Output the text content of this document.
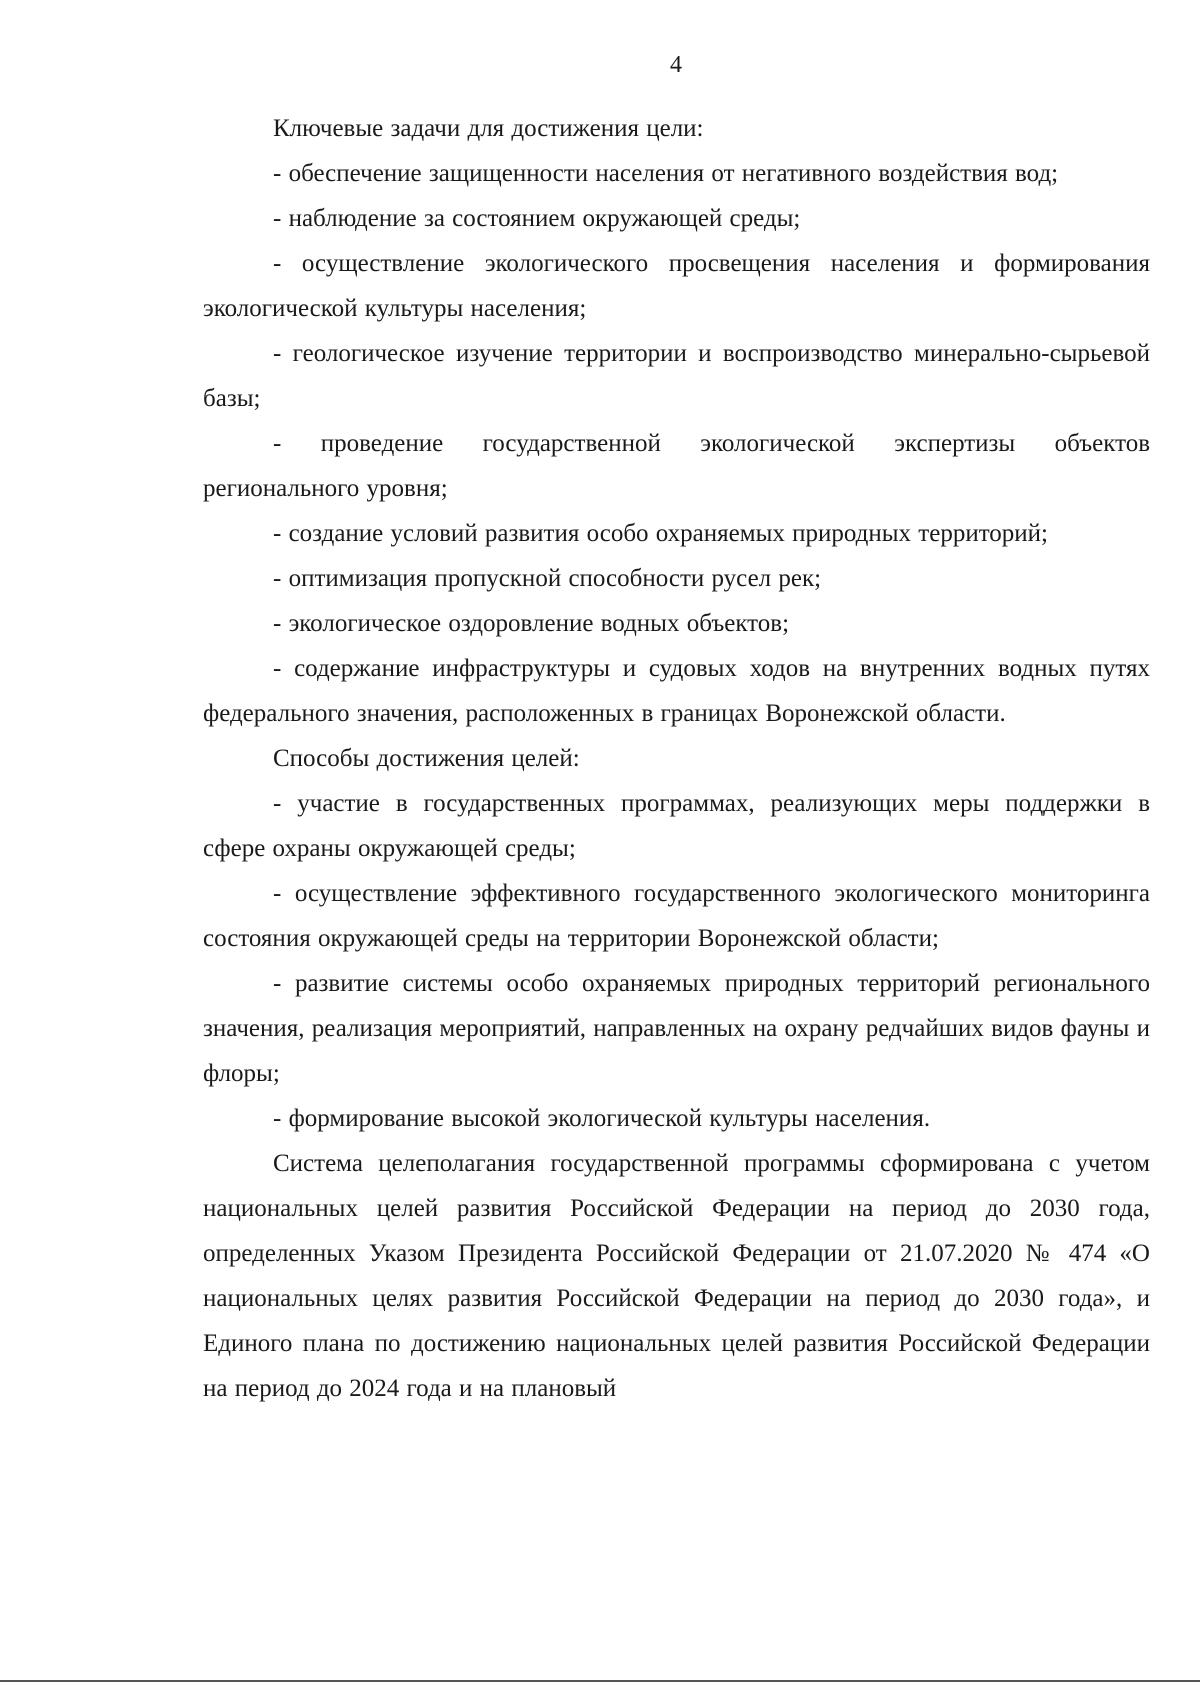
4

Ключевые задачи для достижения цели:

- обеспечение защищенности населения от негативного воздействия вод;

- наблюдение за состоянием окружающей среды;

- осуществление экологического просвещения населения и формирования экологической культуры населения;

- геологическое изучение территории и воспроизводство минерально-сырьевой базы;

- проведение государственной экологической экспертизы объектов регионального уровня;

- создание условий развития особо охраняемых природных территорий;

- оптимизация пропускной способности русел рек;

- экологическое оздоровление водных объектов;

- содержание инфраструктуры и судовых ходов на внутренних водных путях федерального значения, расположенных в границах Воронежской области.

Способы достижения целей:

- участие в государственных программах, реализующих меры поддержки в сфере охраны окружающей среды;

- осуществление эффективного государственного экологического мониторинга состояния окружающей среды на территории Воронежской области;

- развитие системы особо охраняемых природных территорий регионального значения, реализация мероприятий, направленных на охрану редчайших видов фауны и флоры;

- формирование высокой экологической культуры населения.

Система целеполагания государственной программы сформирована с учетом национальных целей развития Российской Федерации на период до 2030 года, определенных Указом Президента Российской Федерации от 21.07.2020 № 474 «О национальных целях развития Российской Федерации на период до 2030 года», и Единого плана по достижению национальных целей развития Российской Федерации на период до 2024 года и на плановый
